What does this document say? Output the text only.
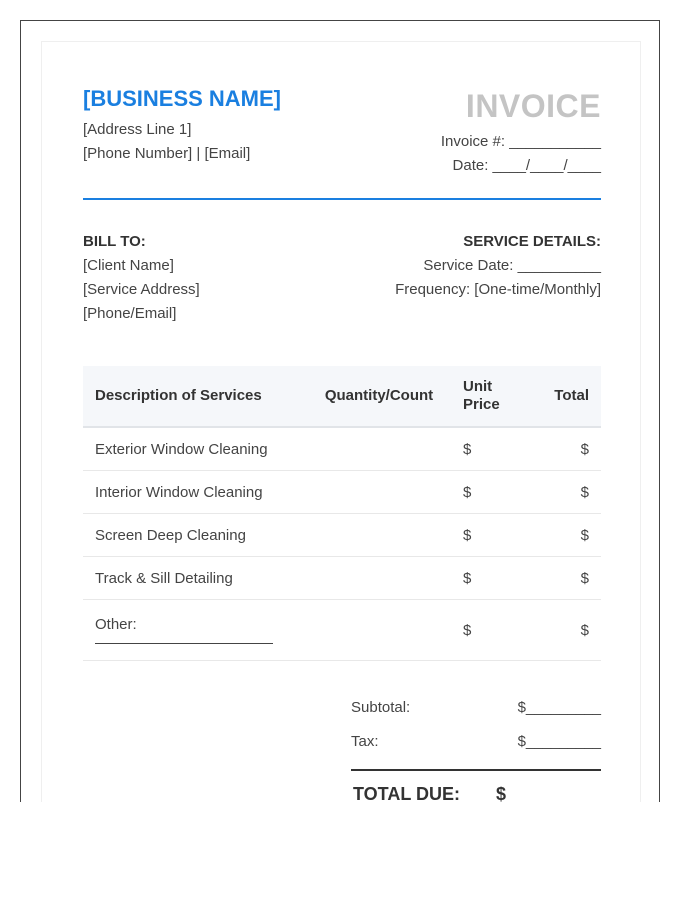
[BUSINESS NAME]
[Address Line 1]
[Phone Number] | [Email]
INVOICE
Invoice #: ___________
Date: ____/____/____
BILL TO:
[Client Name]
[Service Address]
[Phone/Email]
SERVICE DETAILS:
Service Date: __________
Frequency: [One-time/Monthly]
Description of Services	Quantity/Count	Unit Price	Total
Exterior Window Cleaning		$	$
Interior Window Cleaning		$	$
Screen Deep Cleaning		$	$
Track & Sill Detailing		$	$

Other:		$	$
Subtotal:	$_________
Tax:	$_________
TOTAL DUE: $
